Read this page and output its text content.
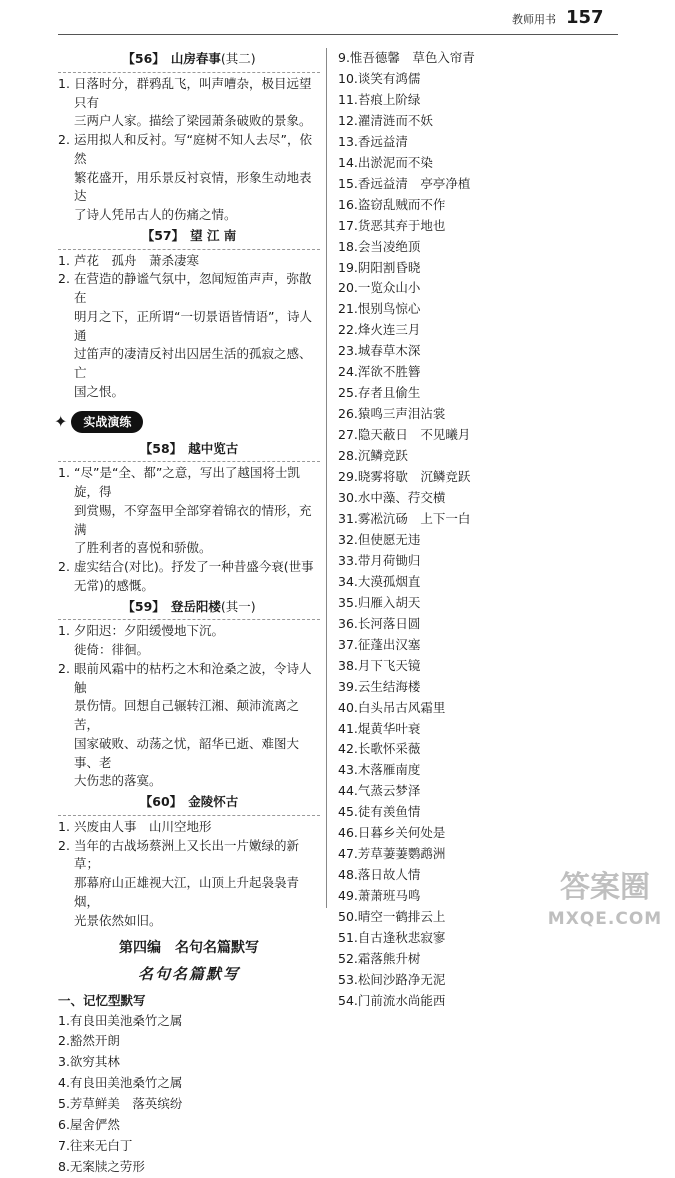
教师用书 157
【56】 山房春事(其二)
1. 日落时分，群鸦乱飞，叫声嘈杂，极目远望只有
三两户人家。描绘了梁园萧条破败的景象。
2. 运用拟人和反衬。写“庭树不知人去尽”，依然
繁花盛开，用乐景反衬哀情，形象生动地表达
了诗人凭吊古人的伤痛之情。
【57】 望 江 南
1. 芦花　孤舟　萧杀凄寒
2. 在营造的静谧气氛中，忽闻短笛声声，弥散在
明月之下，正所谓“一切景语皆情语”，诗人通
过笛声的凄清反衬出囚居生活的孤寂之感、亡
国之恨。
✦	实战演练
【58】 越中览古
1. “尽”是“全、都”之意，写出了越国将士凯旋，得
到赏赐，不穿盔甲全部穿着锦衣的情形，充满
了胜利者的喜悦和骄傲。
2. 虚实结合(对比)。抒发了一种昔盛今衰(世事
无常)的感慨。
【59】 登岳阳楼(其一)
1. 夕阳迟：夕阳缓慢地下沉。
徙倚：徘徊。
2. 眼前风霜中的枯朽之木和沧桑之波，令诗人触
景伤情。回想自己辗转江湘、颠沛流离之苦，
国家破败、动荡之忧，韶华已逝、难图大事、老
大伤悲的落寞。
【60】 金陵怀古
1. 兴废由人事　山川空地形
2. 当年的古战场蔡洲上又长出一片嫩绿的新草；
那幕府山正雄视大江，山顶上升起袅袅青烟，
光景依然如旧。
第四编　名句名篇默写
名句名篇默写
一、记忆型默写
1.有良田美池桑竹之属
2.豁然开朗
3.欲穷其林
4.有良田美池桑竹之属
5.芳草鲜美　落英缤纷
6.屋舍俨然
7.往来无白丁
8.无案牍之劳形
9.惟吾德馨　草色入帘青
10.谈笑有鸿儒
11.苔痕上阶绿
12.濯清涟而不妖
13.香远益清
14.出淤泥而不染
15.香远益清　亭亭净植
16.盗窃乱贼而不作
17.货恶其弃于地也
18.会当凌绝顶
19.阴阳割昏晓
20.一览众山小
21.恨别鸟惊心
22.烽火连三月
23.城春草木深
24.浑欲不胜簪
25.存者且偷生
26.猿鸣三声泪沾裳
27.隐天蔽日　不见曦月
28.沉鳞竞跃
29.晓雾将歇　沉鳞竞跃
30.水中藻、荇交横
31.雾凇沆砀　上下一白
32.但使愿无违
33.带月荷锄归
34.大漠孤烟直
35.归雁入胡天
36.长河落日圆
37.征蓬出汉塞
38.月下飞天镜
39.云生结海楼
40.白头吊古风霜里
41.焜黄华叶衰
42.长歌怀采薇
43.木落雁南度
44.气蒸云梦泽
45.徒有羡鱼情
46.日暮乡关何处是
47.芳草萋萋鹦鹉洲
48.落日故人情
49.萧萧班马鸣
50.晴空一鹤排云上
51.自古逢秋悲寂寥
52.霜落熊升树
53.松间沙路净无泥
54.门前流水尚能西
答案圈
MXQE.COM
